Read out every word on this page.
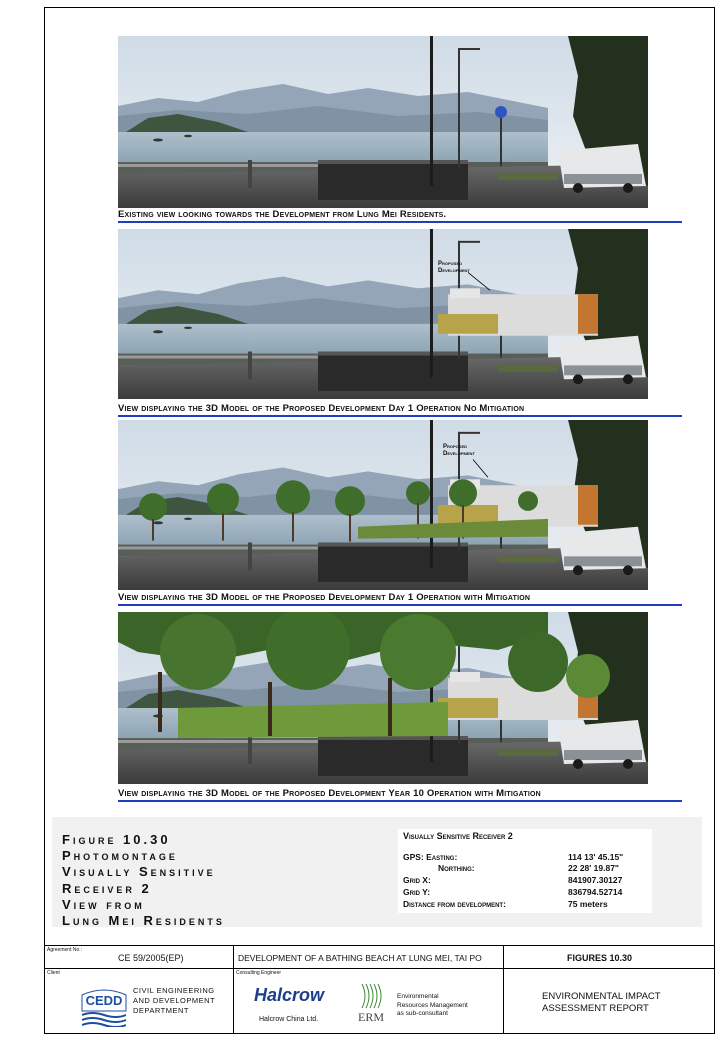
Existing view looking towards the Development from Lung Mei Residents.
Proposed
Development
View displaying the 3D Model of the Proposed Development Day 1 Operation No Mitigation
Proposed
Development
View displaying the 3D Model of the Proposed Development Day 1 Operation with Mitigation
View displaying the 3D Model of the Proposed Development Year 10 Operation with Mitigation
Figure 10.30
Photomontage
Visually Sensitive
Receiver 2
View from
Lung Mei Residents
Visually Sensitive Receiver 2
GPS: Easting:	114 13' 45.15"
Northing:	22 28' 19.87"
Grid X:	841907.30127
Grid Y:	836794.52714
Distance from development:	75 meters
Agreement No.:
CE 59/2005(EP)	DEVELOPMENT OF A BATHING BEACH AT LUNG MEI, TAI PO	FIGURES 10.30
Client
CEDD
CIVIL ENGINEERING
AND DEVELOPMENT
DEPARTMENT
Consulting Engineer
Halcrow
Halcrow China Ltd.	ERM
Environmental
Resources Management
as sub-consultant
ENVIRONMENTAL IMPACT
ASSESSMENT REPORT
